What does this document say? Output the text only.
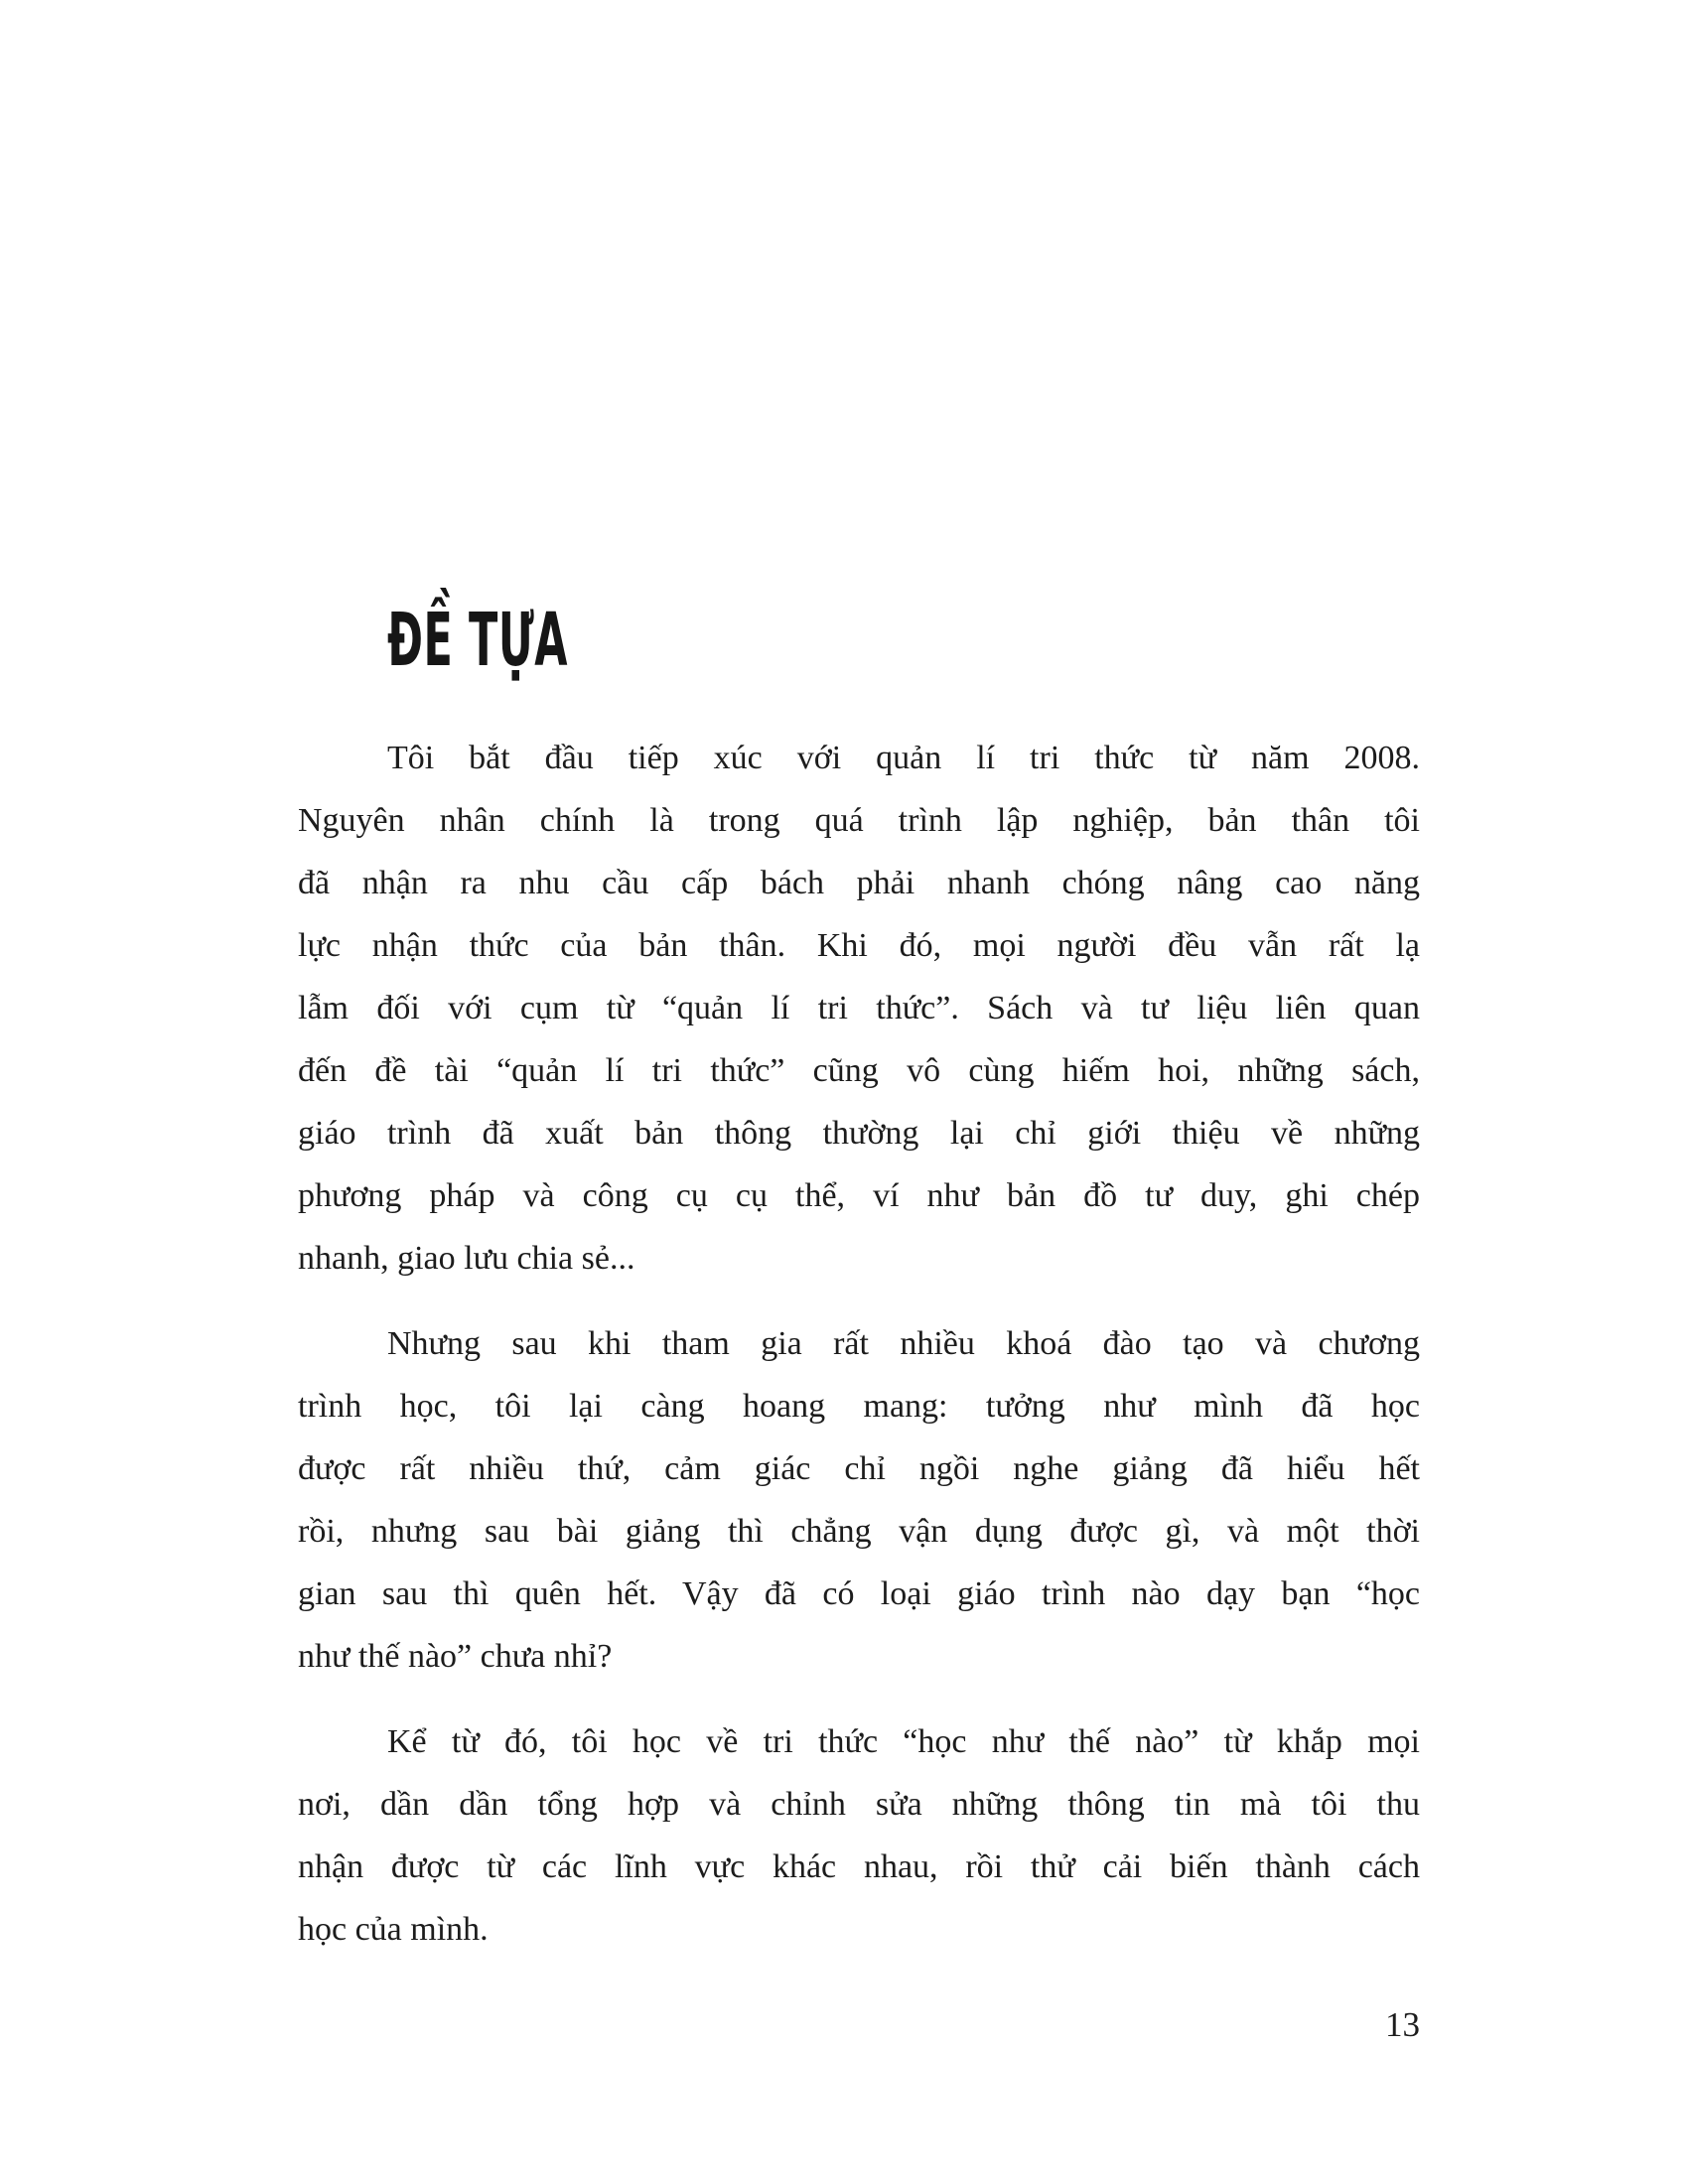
ĐỀ TỰA
Tôi bắt đầu tiếp xúc với quản lí tri thức từ năm 2008.
Nguyên nhân chính là trong quá trình lập nghiệp, bản thân tôi
đã nhận ra nhu cầu cấp bách phải nhanh chóng nâng cao năng
lực nhận thức của bản thân. Khi đó, mọi người đều vẫn rất lạ
lẫm đối với cụm từ “quản lí tri thức”. Sách và tư liệu liên quan
đến đề tài “quản lí tri thức” cũng vô cùng hiếm hoi, những sách,
giáo trình đã xuất bản thông thường lại chỉ giới thiệu về những
phương pháp và công cụ cụ thể, ví như bản đồ tư duy, ghi chép
nhanh, giao lưu chia sẻ...
Nhưng sau khi tham gia rất nhiều khoá đào tạo và chương
trình học, tôi lại càng hoang mang: tưởng như mình đã học
được rất nhiều thứ, cảm giác chỉ ngồi nghe giảng đã hiểu hết
rồi, nhưng sau bài giảng thì chẳng vận dụng được gì, và một thời
gian sau thì quên hết. Vậy đã có loại giáo trình nào dạy bạn “học
như thế nào” chưa nhỉ?
Kể từ đó, tôi học về tri thức “học như thế nào” từ khắp mọi
nơi, dần dần tổng hợp và chỉnh sửa những thông tin mà tôi thu
nhận được từ các lĩnh vực khác nhau, rồi thử cải biến thành cách
học của mình.
13
